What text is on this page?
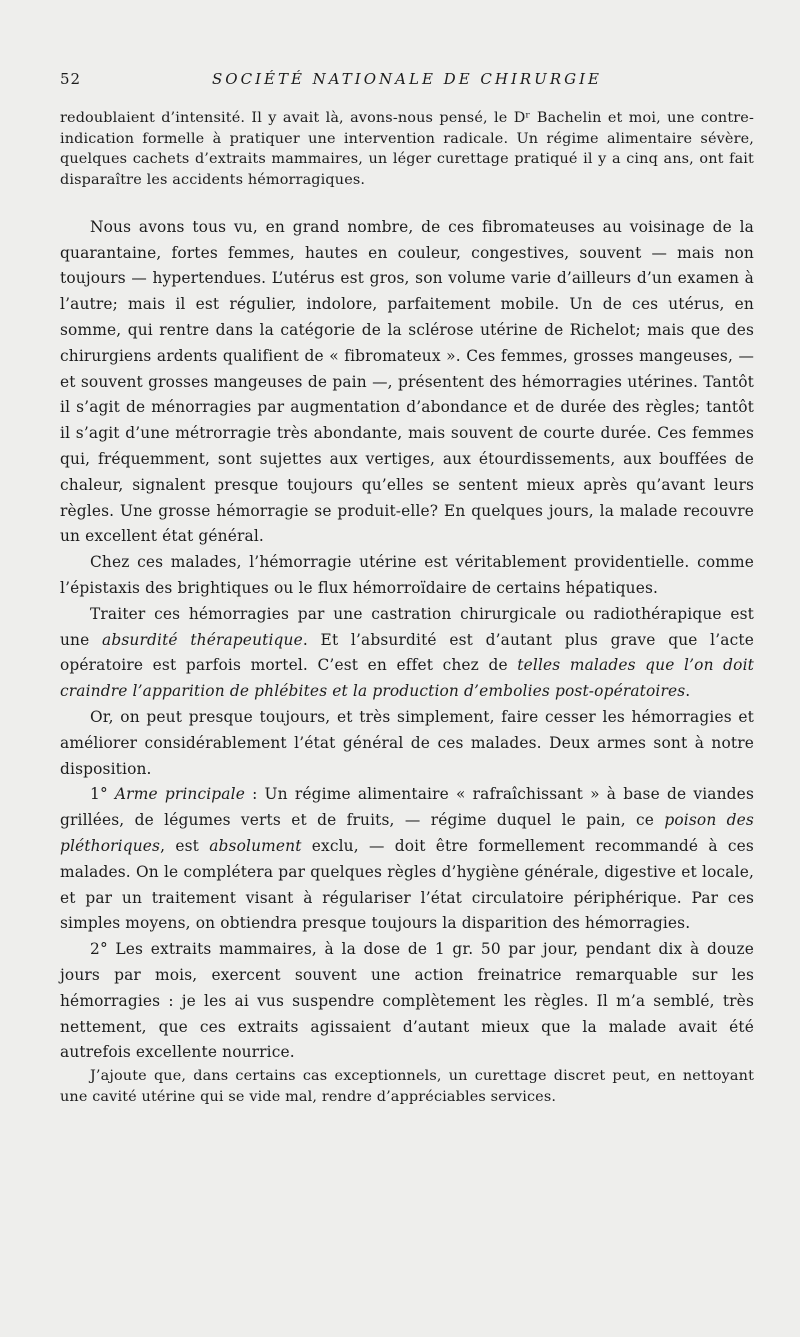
52	SOCIÉTÉ NATIONALE DE CHIRURGIE

redoublaient d’intensité. Il y avait là, avons-nous pensé, le Dʳ Bachelin et moi, une contre-indication formelle à pratiquer une intervention radicale. Un régime alimentaire sévère, quelques cachets d’extraits mammaires, un léger curettage pratiqué il y a cinq ans, ont fait disparaître les accidents hémorragiques.

Nous avons tous vu, en grand nombre, de ces fibromateuses au voisinage de la quarantaine, fortes femmes, hautes en couleur, congestives, souvent — mais non toujours — hypertendues. L’utérus est gros, son volume varie d’ailleurs d’un examen à l’autre; mais il est régulier, indolore, parfaitement mobile. Un de ces utérus, en somme, qui rentre dans la catégorie de la sclérose utérine de Richelot; mais que des chirurgiens ardents qualifient de « fibromateux ». Ces femmes, grosses mangeuses, — et souvent grosses mangeuses de pain —, présentent des hémorragies utérines. Tantôt il s’agit de ménorragies par augmentation d’abondance et de durée des règles; tantôt il s’agit d’une métrorragie très abondante, mais souvent de courte durée. Ces femmes qui, fréquemment, sont sujettes aux vertiges, aux étourdissements, aux bouffées de chaleur, signalent presque toujours qu’elles se sentent mieux après qu’avant leurs règles. Une grosse hémorragie se produit-elle? En quelques jours, la malade recouvre un excellent état général.

Chez ces malades, l’hémorragie utérine est véritablement providentielle. comme l’épistaxis des brightiques ou le flux hémorroïdaire de certains hépatiques.

Traiter ces hémorragies par une castration chirurgicale ou radiothérapique est une absurdité thérapeutique. Et l’absurdité est d’autant plus grave que l’acte opératoire est parfois mortel. C’est en effet chez de telles malades que l’on doit craindre l’apparition de phlébites et la production d’embolies post-opératoires.

Or, on peut presque toujours, et très simplement, faire cesser les hémorragies et améliorer considérablement l’état général de ces malades. Deux armes sont à notre disposition.

1° Arme principale : Un régime alimentaire « rafraîchissant » à base de viandes grillées, de légumes verts et de fruits, — régime duquel le pain, ce poison des pléthoriques, est absolument exclu, — doit être formellement recommandé à ces malades. On le complétera par quelques règles d’hygiène générale, digestive et locale, et par un traitement visant à régulariser l’état circulatoire périphérique. Par ces simples moyens, on obtiendra presque toujours la disparition des hémorragies.

2° Les extraits mammaires, à la dose de 1 gr. 50 par jour, pendant dix à douze jours par mois, exercent souvent une action freinatrice remarquable sur les hémorragies : je les ai vus suspendre complètement les règles. Il m’a semblé, très nettement, que ces extraits agissaient d’autant mieux que la malade avait été autrefois excellente nourrice.

J’ajoute que, dans certains cas exceptionnels, un curettage discret peut, en nettoyant une cavité utérine qui se vide mal, rendre d’appréciables services.
